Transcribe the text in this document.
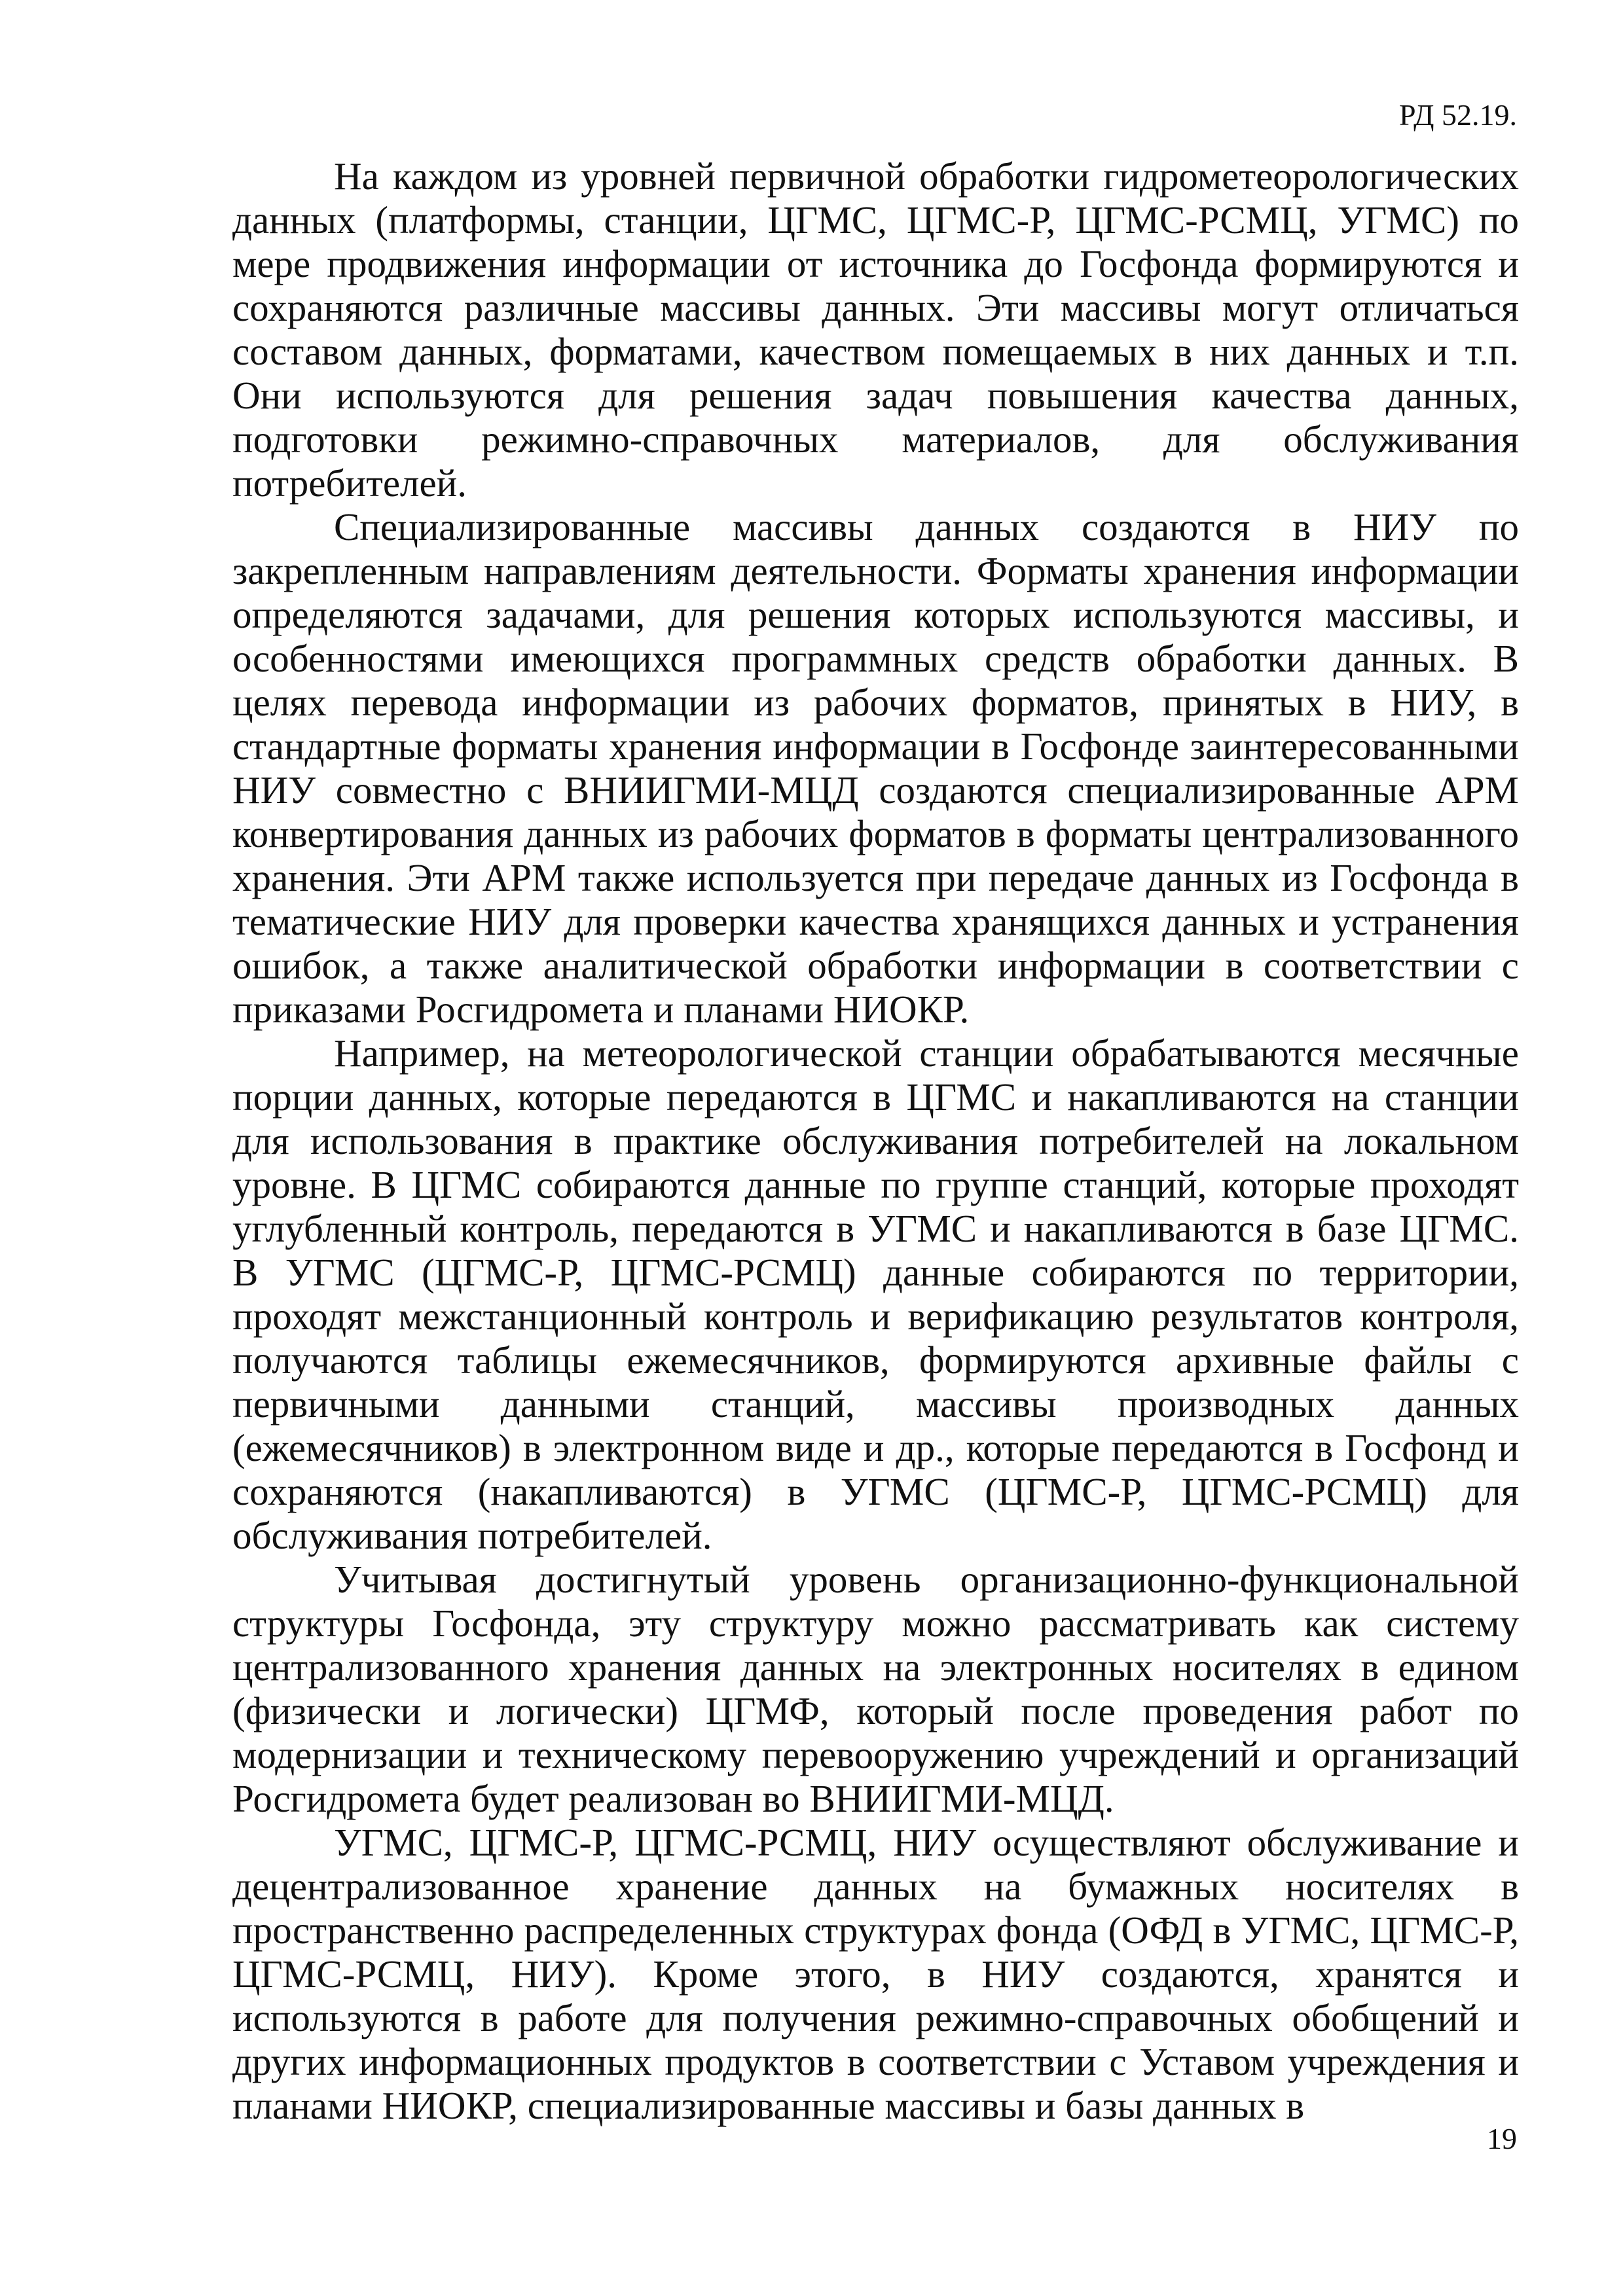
РД 52.19.

На каждом из уровней первичной обработки гидрометеорологических данных (платформы, станции, ЦГМС, ЦГМС-Р, ЦГМС-РСМЦ, УГМС) по мере продвижения информации от источника до Госфонда формируются и сохраняются различные массивы данных. Эти массивы могут отличаться составом данных, форматами, качеством помещаемых в них данных и т.п. Они используются для решения задач повышения качества данных, подготовки режимно-справочных материалов, для обслуживания потребителей.

Специализированные массивы данных создаются в НИУ по закрепленным направлениям деятельности. Форматы хранения информации определяются задачами, для решения которых используются массивы, и особенностями имеющихся программных средств обработки данных. В целях перевода информации из рабочих форматов, принятых в НИУ, в стандартные форматы хранения информации в Госфонде заинтересованными НИУ совместно с ВНИИГМИ-МЦД создаются специализированные АРМ конвертирования данных из рабочих форматов в форматы централизованного хранения. Эти АРМ также используется при передаче данных из Госфонда в тематические НИУ для проверки качества хранящихся данных и устранения ошибок, а также аналитической обработки информации в соответствии с приказами Росгидромета и планами НИОКР.

Например, на метеорологической станции обрабатываются месячные порции данных, которые передаются в ЦГМС и накапливаются на станции для использования в практике обслуживания потребителей на локальном уровне. В ЦГМС собираются данные по группе станций, которые проходят углубленный контроль, передаются в УГМС и накапливаются в базе ЦГМС. В УГМС (ЦГМС-Р, ЦГМС-РСМЦ) данные собираются по территории, проходят межстанционный контроль и верификацию результатов контроля, получаются таблицы ежемесячников, формируются архивные файлы с первичными данными станций, массивы производных данных (ежемесячников) в электронном виде и др., которые передаются в Госфонд и сохраняются (накапливаются) в УГМС (ЦГМС-Р, ЦГМС-РСМЦ) для обслуживания потребителей.

Учитывая достигнутый уровень организационно-функциональной структуры Госфонда, эту структуру можно рассматривать как систему централизованного хранения данных на электронных носителях в едином (физически и логически) ЦГМФ, который после проведения работ по модернизации и техническому перевооружению учреждений и организаций Росгидромета будет реализован во ВНИИГМИ-МЦД.

УГМС, ЦГМС-Р, ЦГМС-РСМЦ, НИУ осуществляют обслуживание и децентрализованное хранение данных на бумажных носителях в пространственно распределенных структурах фонда (ОФД в УГМС, ЦГМС-Р, ЦГМС-РСМЦ, НИУ). Кроме этого, в НИУ создаются, хранятся и используются в работе для получения режимно-справочных обобщений и других информационных продуктов в соответствии с Уставом учреждения и планами НИОКР, специализированные массивы и базы данных в

19
